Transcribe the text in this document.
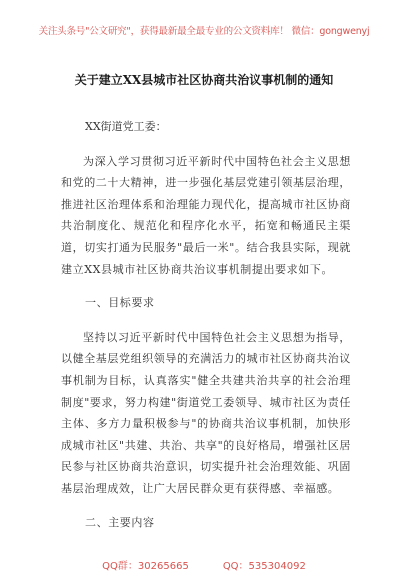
关注头条号"公文研究"，获得最新最全最专业的公文资料库！ 微信：gongwenyj
关于建立XX县城市社区协商共治议事机制的通知

XX街道党工委：

为深入学习贯彻习近平新时代中国特色社会主义思想和党的二十大精神，进一步强化基层党建引领基层治理，推进社区治理体系和治理能力现代化，提高城市社区协商共治制度化、规范化和程序化水平，拓宽和畅通民主渠道，切实打通为民服务"最后一米"。结合我县实际，现就建立XX县城市社区协商共治议事机制提出要求如下。

一、目标要求

坚持以习近平新时代中国特色社会主义思想为指导，以健全基层党组织领导的充满活力的城市社区协商共治议事机制为目标，认真落实"健全共建共治共享的社会治理制度"要求，努力构建"街道党工委领导、城市社区为责任主体、多方力量积极参与"的协商共治议事机制，加快形成城市社区"共建、共治、共享"的良好格局，增强社区居民参与社区协商共治意识，切实提升社会治理效能、巩固基层治理成效，让广大居民群众更有获得感、幸福感。

二、主要内容

QQ群：30265665	QQ：535304092
